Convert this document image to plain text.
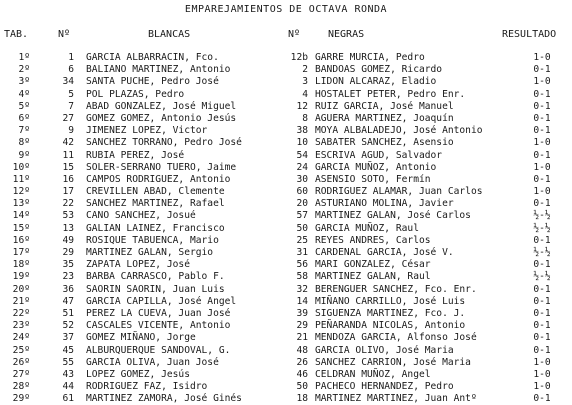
EMPAREJAMIENTOS DE OCTAVA RONDA
TAB.	Nº	BLANCAS	Nº	NEGRAS	RESULTADO
1º	1 GARCIA ALBARRACIN, Fco.	12b GARRE MURCIA, Pedro	1-0
2º	6 BALIANO MARTINEZ, Antonio	2 BANDOAS GOMEZ, Ricardo	0-1
3º	34 SANTA PUCHE, Pedro José	3 LIDON ALCARAZ, Eladio	1-0
4º	5 POL PLAZAS, Pedro	4 HOSTALET PETER, Pedro Enr.	0-1
5º	7 ABAD GONZALEZ, José Miguel	12 RUIZ GARCIA, José Manuel	0-1
6º	27 GOMEZ GOMEZ, Antonio Jesús	8 AGUERA MARTINEZ, Joaquín	0-1
7º	9 JIMENEZ LOPEZ, Victor	38 MOYA ALBALADEJO, José Antonio	0-1
8º	42 SANCHEZ TORRANO, Pedro José	10 SABATER SANCHEZ, Asensio	1-0
9º	11 RUBIA PEREZ, José	54 ESCRIVA AGUD, Salvador	0-1
10º	15 SOLER-SERRANO TUERO, Jaime	24 GARCIA MUÑOZ, Antonio	1-0
11º	16 CAMPOS RODRIGUEZ, Antonio	30 ASENSIO SOTO, Fermín	0-1
12º	17 CREVILLEN ABAD, Clemente	60 RODRIGUEZ ALAMAR, Juan Carlos	1-0
13º	22 SANCHEZ MARTINEZ, Rafael	20 ASTURIANO MOLINA, Javier	0-1
14º	53 CANO SANCHEZ, Josué	57 MARTINEZ GALAN, José Carlos	½-½
15º	13 GALIAN LAINEZ, Francisco	50 GARCIA MUÑOZ, Raul	½-½
16º	49 ROSIQUE TABUENCA, Mario	25 REYES ANDRES, Carlos	0-1
17º	29 MARTINEZ GALAN, Sergio	31 CARDENAL GARCIA, José V.	½-½
18º	35 ZAPATA LOPEZ, José	56 MARI GONZALEZ, César	0-1
19º	23 BARBA CARRASCO, Pablo F.	58 MARTINEZ GALAN, Raul	½-½
20º	36 SAORIN SAORIN, Juan Luis	32 BERENGUER SANCHEZ, Fco. Enr.	0-1
21º	47 GARCIA CAPILLA, José Angel	14 MIÑANO CARRILLO, José Luis	0-1
22º	51 PEREZ LA CUEVA, Juan José	39 SIGUENZA MARTINEZ, Fco. J.	0-1
23º	52 CASCALES VICENTE, Antonio	29 PEÑARANDA NICOLAS, Antonio	0-1
24º	37 GOMEZ MIÑANO, Jorge	21 MENDOZA GARCIA, Alfonso José	0-1
25º	45 ALBURQUERQUE SANDOVAL, G.	48 GARCIA OLIVO, José Maria	0-1
26º	55 GARCIA OLIVA, Juan José	26 SANCHEZ CARRION, José Maria	1-0
27º	43 LOPEZ GOMEZ, Jesús	46 CELDRAN MUÑOZ, Angel	1-0
28º	44 RODRIGUEZ FAZ, Isidro	50 PACHECO HERNANDEZ, Pedro	1-0
29º	61 MARTINEZ ZAMORA, José Ginés	18 MARTINEZ MARTINEZ, Juan Antº	0-1
